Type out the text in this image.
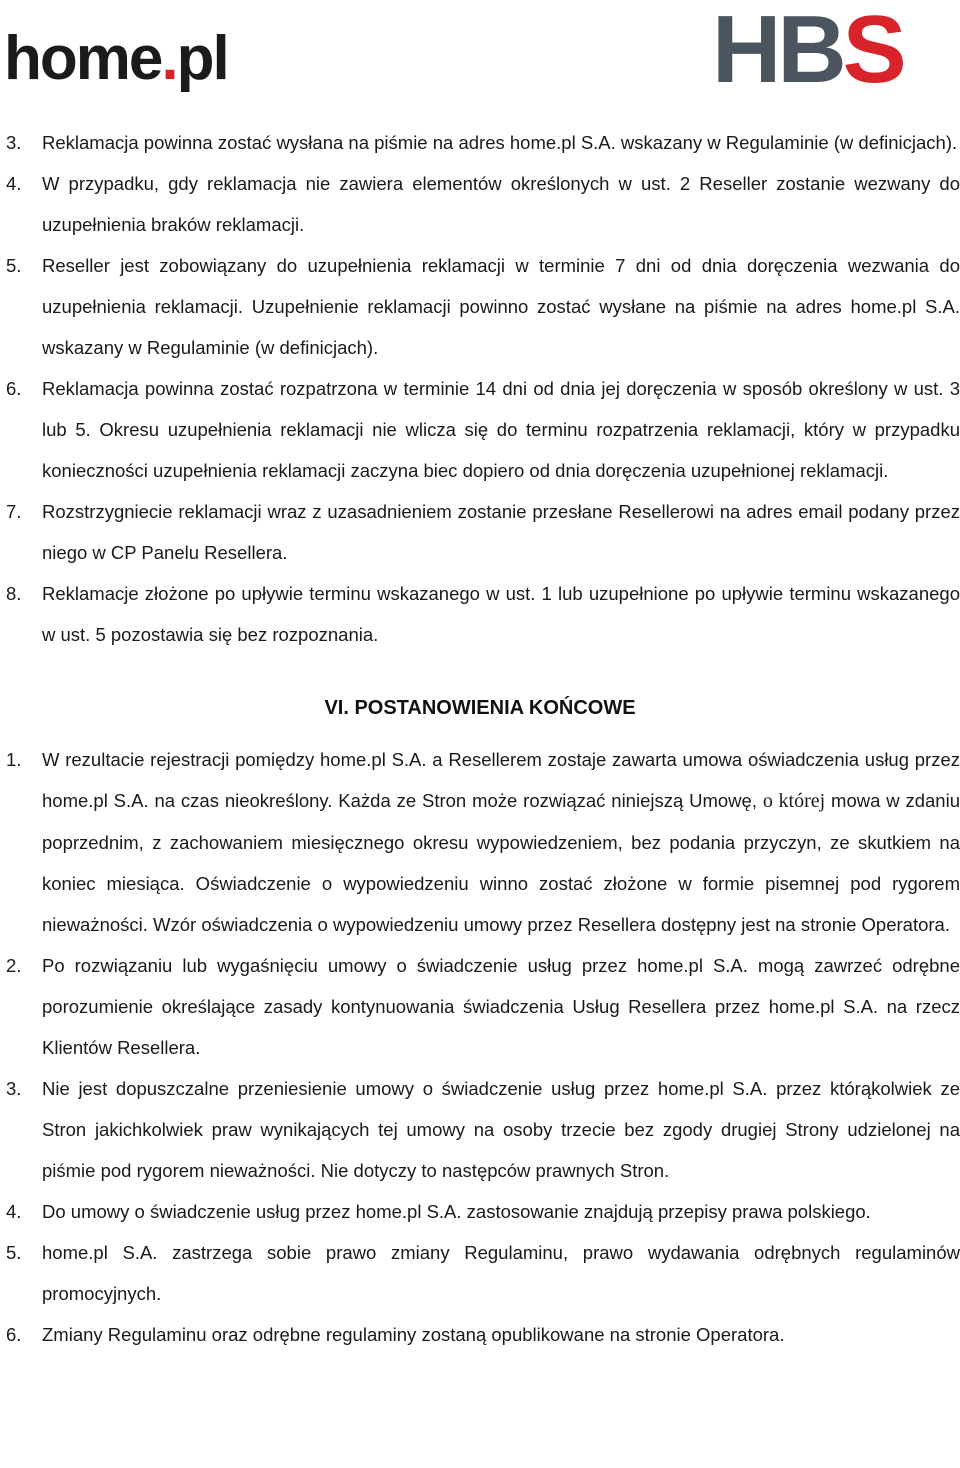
home.pl	HBS
3. Reklamacja powinna zostać wysłana na piśmie na adres home.pl S.A. wskazany w Regulaminie (w definicjach).
4. W przypadku, gdy reklamacja nie zawiera elementów określonych w ust. 2 Reseller zostanie wezwany do uzupełnienia braków reklamacji.
5. Reseller jest zobowiązany do uzupełnienia reklamacji w terminie 7 dni od dnia doręczenia wezwania do uzupełnienia reklamacji. Uzupełnienie reklamacji powinno zostać wysłane na piśmie na adres home.pl S.A. wskazany w Regulaminie (w definicjach).
6. Reklamacja powinna zostać rozpatrzona w terminie 14 dni od dnia jej doręczenia w sposób określony w ust. 3 lub 5. Okresu uzupełnienia reklamacji nie wlicza się do terminu rozpatrzenia reklamacji, który w przypadku konieczności uzupełnienia reklamacji zaczyna biec dopiero od dnia doręczenia uzupełnionej reklamacji.
7. Rozstrzygniecie reklamacji wraz z uzasadnieniem zostanie przesłane Resellerowi na adres email podany przez niego w CP Panelu Resellera.
8. Reklamacje złożone po upływie terminu wskazanego w ust. 1 lub uzupełnione po upływie terminu wskazanego w ust. 5 pozostawia się bez rozpoznania.
VI. POSTANOWIENIA KOŃCOWE
1. W rezultacie rejestracji pomiędzy home.pl S.A. a Resellerem zostaje zawarta umowa oświadczenia usług przez home.pl S.A. na czas nieokreślony. Każda ze Stron może rozwiązać niniejszą Umowę, o której mowa w zdaniu poprzednim, z zachowaniem miesięcznego okresu wypowiedzeniem, bez podania przyczyn, ze skutkiem na koniec miesiąca. Oświadczenie o wypowiedzeniu winno zostać złożone w formie pisemnej pod rygorem nieważności. Wzór oświadczenia o wypowiedzeniu umowy przez Resellera dostępny jest na stronie Operatora.
2. Po rozwiązaniu lub wygaśnięciu umowy o świadczenie usług przez home.pl S.A. mogą zawrzeć odrębne porozumienie określające zasady kontynuowania świadczenia Usług Resellera przez home.pl S.A. na rzecz Klientów Resellera.
3. Nie jest dopuszczalne przeniesienie umowy o świadczenie usług przez home.pl S.A. przez którąkolwiek ze Stron jakichkolwiek praw wynikających tej umowy na osoby trzecie bez zgody drugiej Strony udzielonej na piśmie pod rygorem nieważności. Nie dotyczy to następców prawnych Stron.
4. Do umowy o świadczenie usług przez home.pl S.A. zastosowanie znajdują przepisy prawa polskiego.
5. home.pl S.A. zastrzega sobie prawo zmiany Regulaminu, prawo wydawania odrębnych regulaminów promocyjnych.
6. Zmiany Regulaminu oraz odrębne regulaminy zostaną opublikowane na stronie Operatora.
